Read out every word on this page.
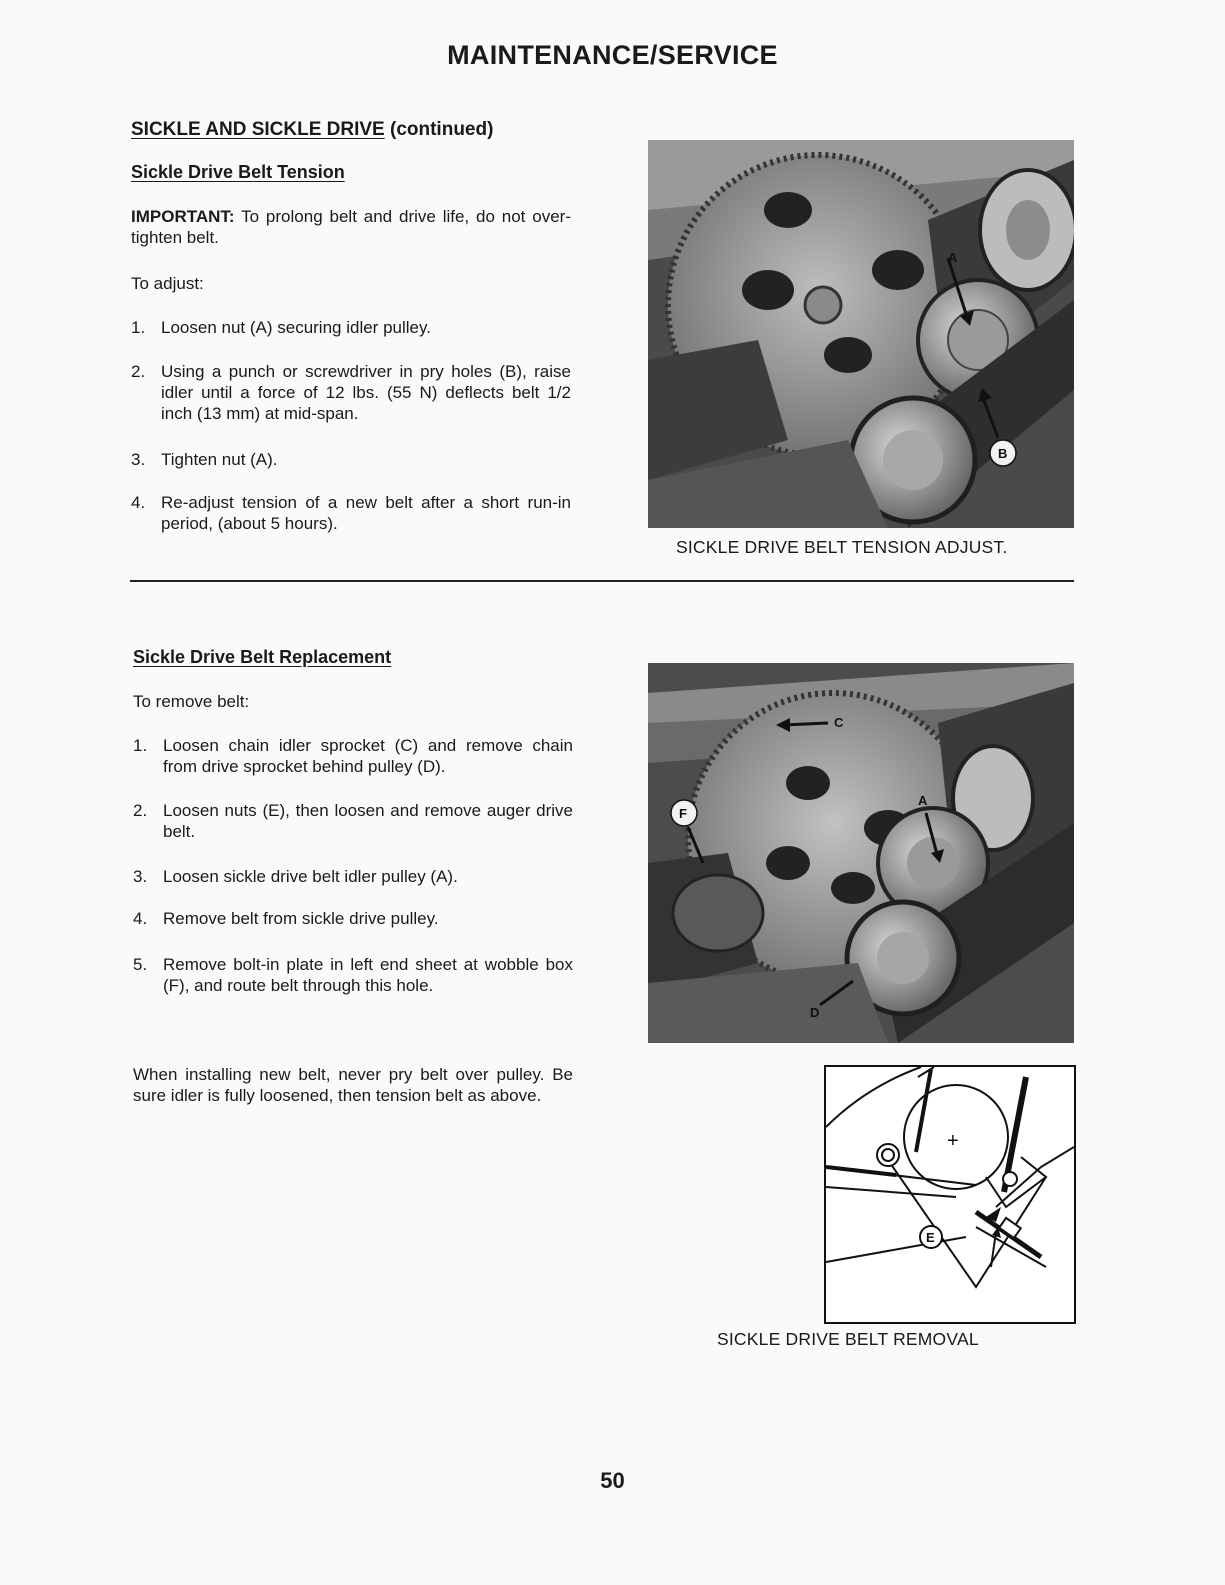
MAINTENANCE/SERVICE
SICKLE AND SICKLE DRIVE (continued)
Sickle Drive Belt Tension
IMPORTANT: To prolong belt and drive life, do not over-tighten belt.
To adjust:
1. Loosen nut (A) securing idler pulley.
2. Using a punch or screwdriver in pry holes (B), raise idler until a force of 12 lbs. (55 N) deflects belt 1/2 inch (13 mm) at mid-span.
3. Tighten nut (A).
4. Re-adjust tension of a new belt after a short run-in period, (about 5 hours).
A
B
SICKLE DRIVE BELT TENSION ADJUST.
Sickle Drive Belt Replacement
To remove belt:
1. Loosen chain idler sprocket (C) and remove chain from drive sprocket behind pulley (D).
2. Loosen nuts (E), then loosen and remove auger drive belt.
3. Loosen sickle drive belt idler pulley (A).
4. Remove belt from sickle drive pulley.
5. Remove bolt-in plate in left end sheet at wobble box (F), and route belt through this hole.
When installing new belt, never pry belt over pulley. Be sure idler is fully loosened, then tension belt as above.
C
F
A
D
+
E
SICKLE DRIVE BELT REMOVAL
50
